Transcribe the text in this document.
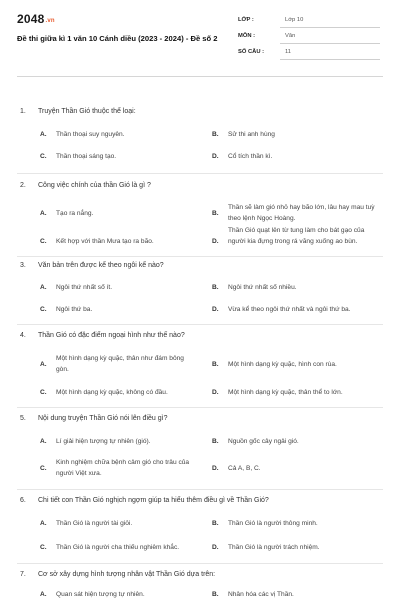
2048.vn
Đề thi giữa kì 1 văn 10 Cánh diều (2023 - 2024) - Đề số 2
LỚP :	Lớp 10
MÔN :	Văn
SỐ CÂU :	11
1. Truyện Thần Gió thuộc thể loại:
A. Thần thoại suy nguyên.	B. Sử thi anh hùng
C. Thần thoại sáng tạo.	D. Cổ tích thần kì.
2. Công việc chính của thần Gió là gì ?
A. Tạo ra nắng.	B.
Thần sẽ làm gió nhỏ hay bão lớn, lâu hay mau tuỳ theo lệnh Ngọc Hoàng.
C. Kết hợp với thần Mưa tạo ra bão.	D.
Thần Gió quạt lên từ tung làm cho bát gạo của người kia đựng trong rá văng xuống ao bùn.
3. Văn bản trên được kể theo ngôi kể nào?
A. Ngôi thứ nhất số ít.	B. Ngôi thứ nhất số nhiều.
C. Ngôi thứ ba.	D. Vừa kể theo ngôi thứ nhất và ngôi thứ ba.
4. Thần Gió có đặc điểm ngoại hình như thế nào?
A.
Một hình dạng kỳ quặc, thân như đám bông gòn.
B. Một hình dạng kỳ quặc, hình con rùa.
C. Một hình dạng kỳ quặc, không có đầu.	D. Một hình dạng kỳ quặc, thân thể to lớn.
5. Nội dung truyện Thần Gió nói lên điều gì?
A. Lí giải hiện tượng tự nhiên (gió).	B. Nguồn gốc cây ngải gió.
C.
Kinh nghiệm chữa bệnh cảm gió cho trâu của người Việt xưa.
D. Cả A, B, C.
6. Chi tiết con Thần Gió nghịch ngợm giúp ta hiểu thêm điều gì về Thần Gió?
A. Thần Gió là người tài giỏi.	B. Thần Gió là người thông minh.
C. Thần Gió là người cha thiếu nghiêm khắc.	D. Thần Gió là người trách nhiệm.
7. Cơ sở xây dựng hình tượng nhân vật Thần Gió dựa trên:
A. Quan sát hiện tượng tự nhiên.	B. Nhân hóa các vị Thần.
